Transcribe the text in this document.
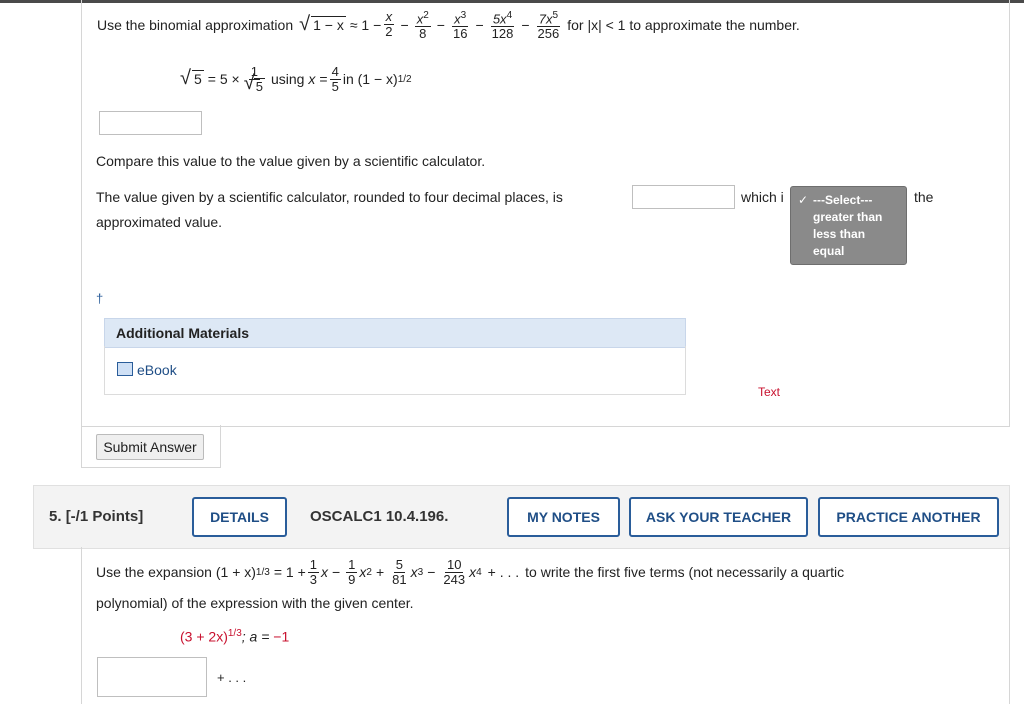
Use the binomial approximation
√	$1 - x \approx 1 - \frac{x}{2} - \frac{x^2}{8} - \frac{x^3}{16} - \frac{5x^4}{128} - \frac{7x^5}{256}$ for |x| < 1 to approximate the number.
√ 5 = 5 × 1
√ 5 using $x = \frac{4}{5}$ in (1 − x) 1/2
Compare this value to the value given by a scientific calculator.
The value given by a scientific calculator, rounded to four decimal places, is	which i	the
approximated value.
✓ ---Select---
greater than
less than
equal
†
Additional Materials
eBook
Text
Submit Answer
5. [-/1 Points]	DETAILS	OSCALC1 10.4.196.	MY NOTES	ASK YOUR TEACHER	PRACTICE ANOTHER
Use the expansion (1 + x) $1/3 = 1 + \frac{1}{3}$ $x - \frac{1}{9}$ x $2 + \frac{5}{81}$ x $3 - \frac{10}{243}$ x 4 + . . . to write the first five terms (not necessarily a quartic
polynomial) of the expression with the given center.
$(3 + 2x)^{1/3}$; a = −1
+ . . .
